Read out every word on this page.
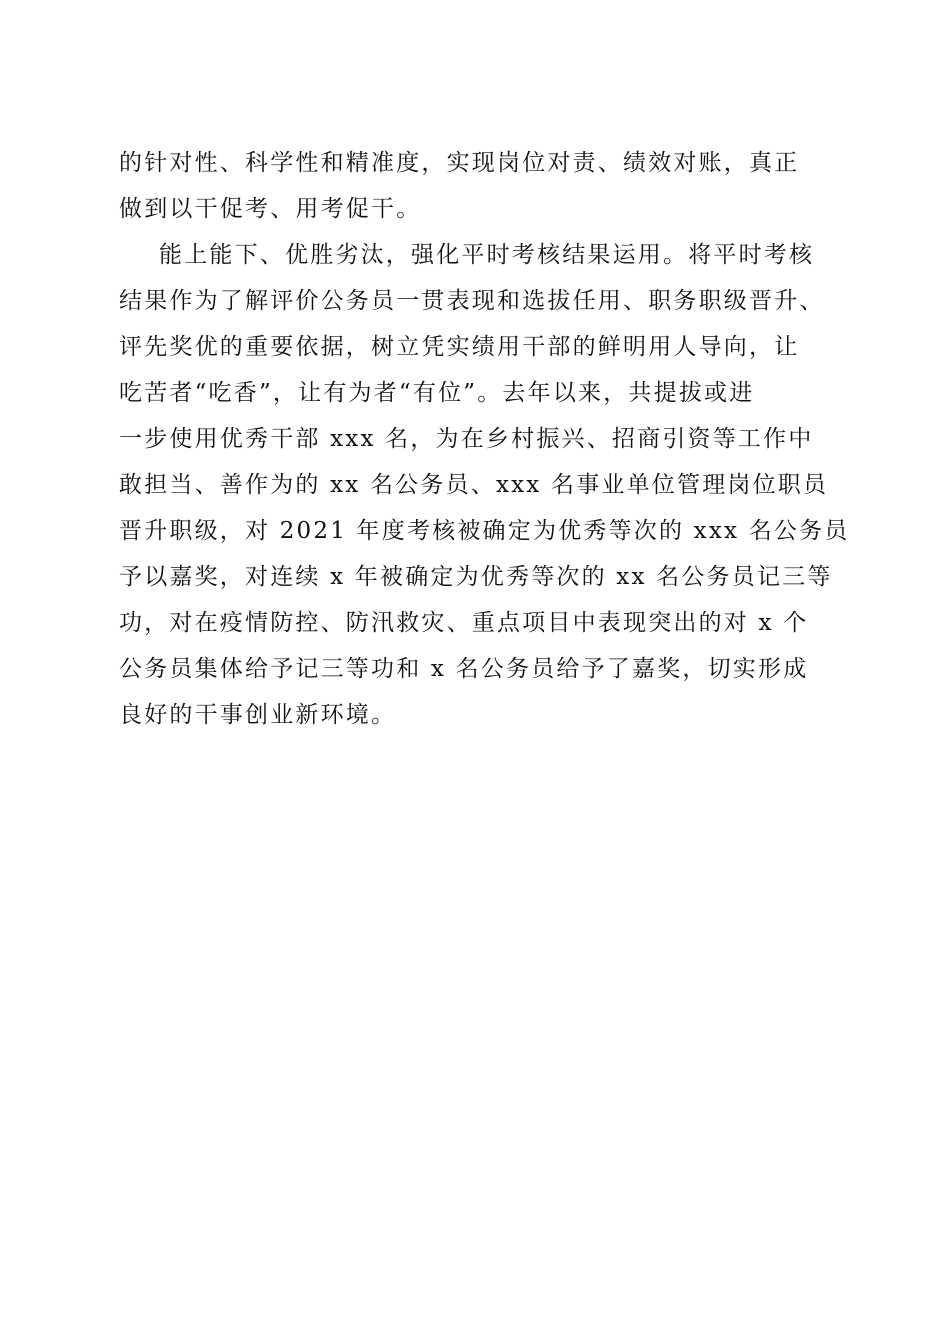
的针对性、科学性和精准度，实现岗位对责、绩效对账，真正
做到以干促考、用考促干。
能上能下、优胜劣汰，强化平时考核结果运用。将平时考核
结果作为了解评价公务员一贯表现和选拔任用、职务职级晋升、
评先奖优的重要依据，树立凭实绩用干部的鲜明用人导向，让
吃苦者“吃香”，让有为者“有位”。去年以来，共提拔或进
一步使用优秀干部 xxx 名，为在乡村振兴、招商引资等工作中
敢担当、善作为的 xx 名公务员、xxx 名事业单位管理岗位职员
晋升职级，对 2021 年度考核被确定为优秀等次的 xxx 名公务员
予以嘉奖，对连续 x 年被确定为优秀等次的 xx 名公务员记三等
功，对在疫情防控、防汛救灾、重点项目中表现突出的对 x 个
公务员集体给予记三等功和 x 名公务员给予了嘉奖，切实形成
良好的干事创业新环境。
